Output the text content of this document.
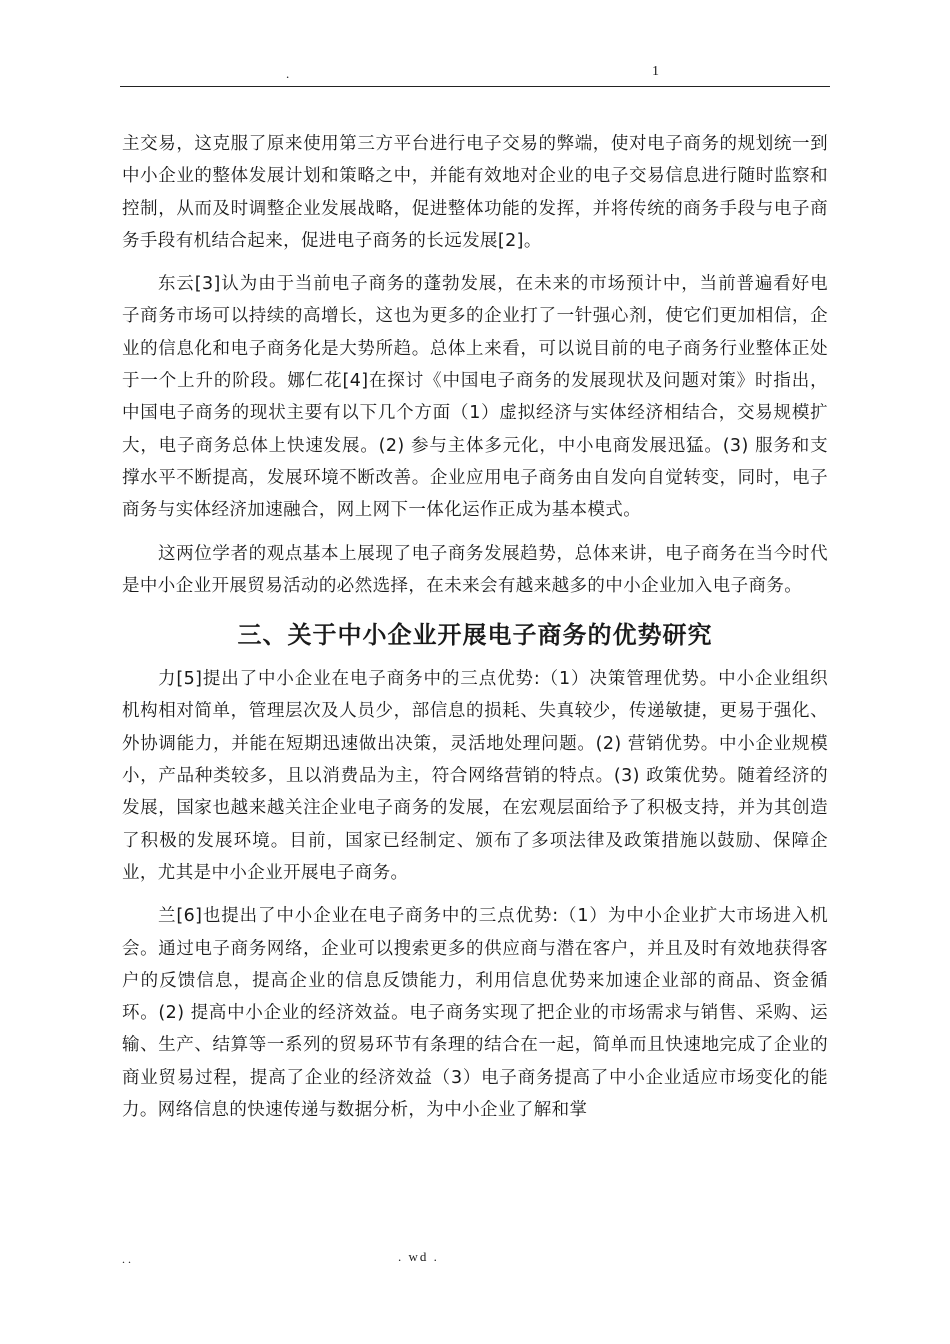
.	1

主交易，这克服了原来使用第三方平台进行电子交易的弊端，使对电子商务的规划统一到中小企业的整体发展计划和策略之中，并能有效地对企业的电子交易信息进行随时监察和控制，从而及时调整企业发展战略，促进整体功能的发挥，并将传统的商务手段与电子商务手段有机结合起来，促进电子商务的长远发展[2]。

东云[3]认为由于当前电子商务的蓬勃发展，在未来的市场预计中，当前普遍看好电子商务市场可以持续的高增长，这也为更多的企业打了一针强心剂，使它们更加相信，企业的信息化和电子商务化是大势所趋。总体上来看，可以说目前的电子商务行业整体正处于一个上升的阶段。娜仁花[4]在探讨《中国电子商务的发展现状及问题对策》时指出，中国电子商务的现状主要有以下几个方面（1）虚拟经济与实体经济相结合，交易规模扩大，电子商务总体上快速发展。(2) 参与主体多元化，中小电商发展迅猛。(3) 服务和支撑水平不断提高，发展环境不断改善。企业应用电子商务由自发向自觉转变，同时，电子商务与实体经济加速融合，网上网下一体化运作正成为基本模式。

这两位学者的观点基本上展现了电子商务发展趋势，总体来讲，电子商务在当今时代是中小企业开展贸易活动的必然选择，在未来会有越来越多的中小企业加入电子商务。

三、关于中小企业开展电子商务的优势研究

力[5]提出了中小企业在电子商务中的三点优势:（1）决策管理优势。中小企业组织机构相对简单，管理层次及人员少，部信息的损耗、失真较少，传递敏捷，更易于强化、外协调能力，并能在短期迅速做出决策，灵活地处理问题。(2) 营销优势。中小企业规模小，产品种类较多，且以消费品为主，符合网络营销的特点。(3) 政策优势。随着经济的发展，国家也越来越关注企业电子商务的发展，在宏观层面给予了积极支持，并为其创造了积极的发展环境。目前，国家已经制定、颁布了多项法律及政策措施以鼓励、保障企业，尤其是中小企业开展电子商务。

兰[6]也提出了中小企业在电子商务中的三点优势:（1）为中小企业扩大市场进入机会。通过电子商务网络，企业可以搜索更多的供应商与潜在客户，并且及时有效地获得客户的反馈信息，提高企业的信息反馈能力，利用信息优势来加速企业部的商品、资金循环。(2) 提高中小企业的经济效益。电子商务实现了把企业的市场需求与销售、采购、运输、生产、结算等一系列的贸易环节有条理的结合在一起，简单而且快速地完成了企业的商业贸易过程，提高了企业的经济效益（3）电子商务提高了中小企业适应市场变化的能力。网络信息的快速传递与数据分析，为中小企业了解和掌

..	. wd .
